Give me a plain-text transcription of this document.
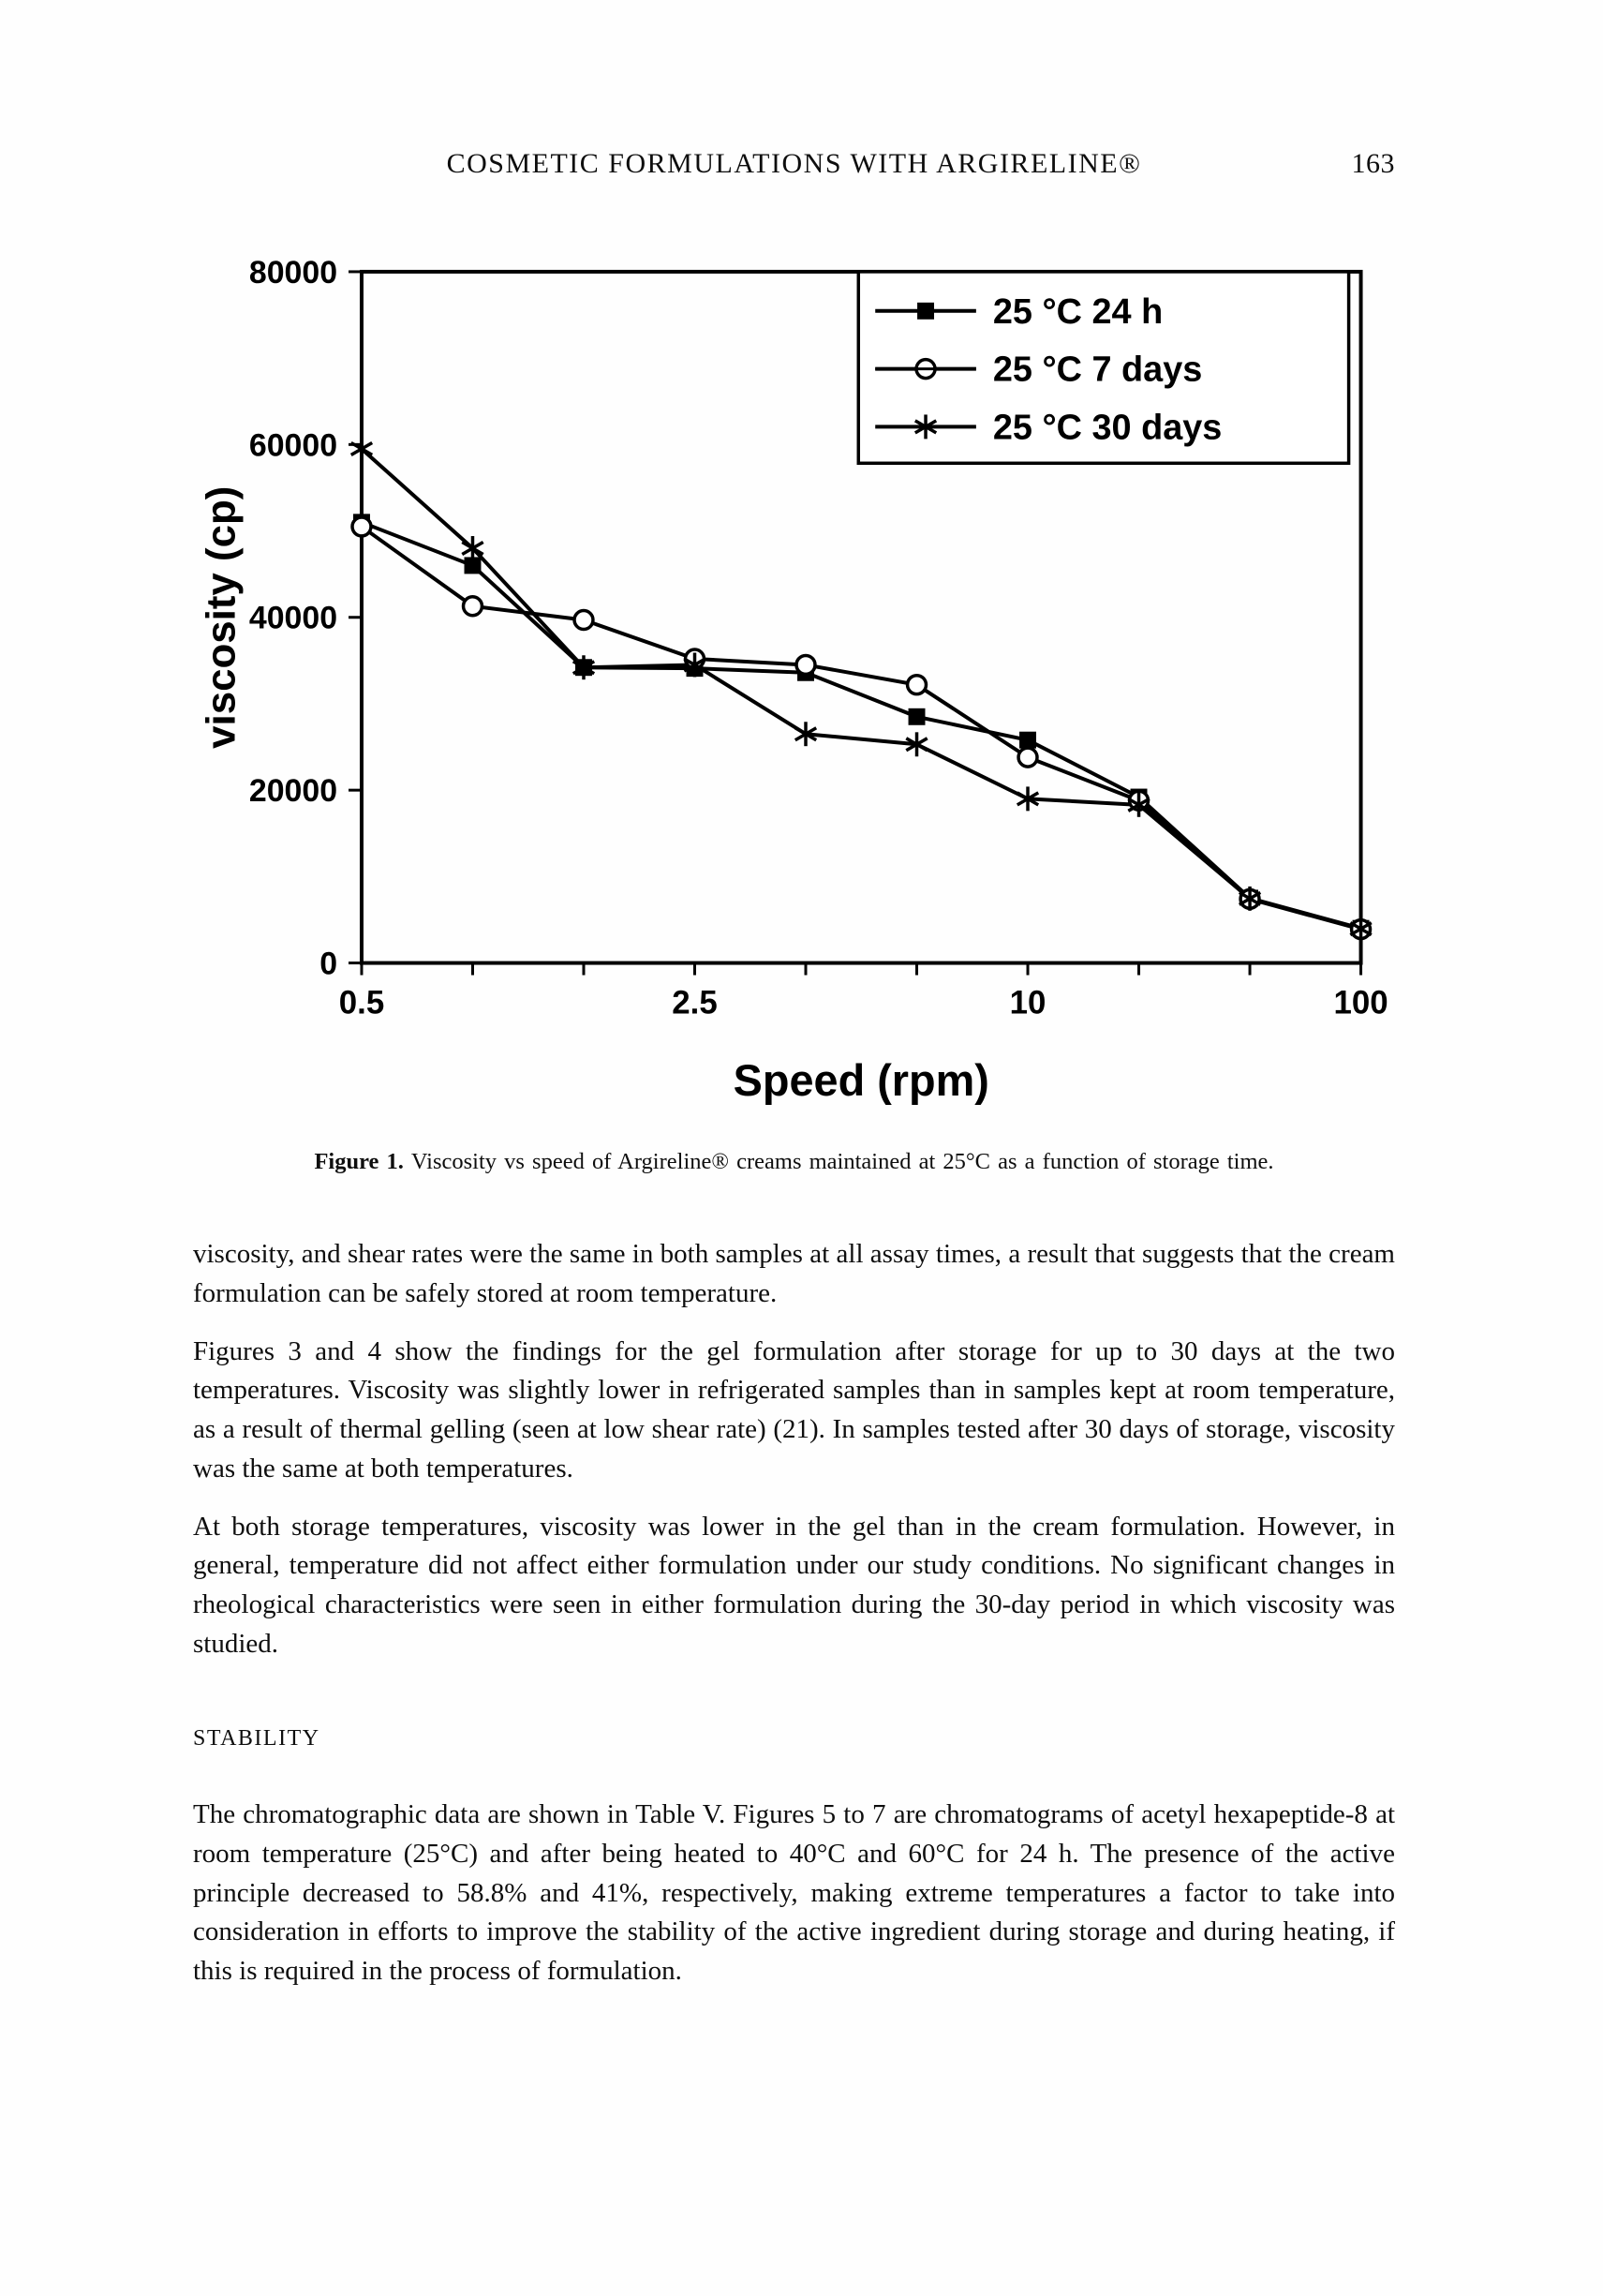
COSMETIC FORMULATIONS WITH ARGIRELINE®	163
0
20000
40000
60000
80000
0.5	2.5	10	100
viscosity (cp)
Speed (rpm)
25 °C 24 h
25 °C 7 days
25 °C 30 days
Figure 1. Viscosity vs speed of Argireline® creams maintained at 25°C as a function of storage time.

viscosity, and shear rates were the same in both samples at all assay times, a result that suggests that the cream formulation can be safely stored at room temperature.

Figures 3 and 4 show the findings for the gel formulation after storage for up to 30 days at the two temperatures. Viscosity was slightly lower in refrigerated samples than in samples kept at room temperature, as a result of thermal gelling (seen at low shear rate) (21). In samples tested after 30 days of storage, viscosity was the same at both temperatures.

At both storage temperatures, viscosity was lower in the gel than in the cream formulation. However, in general, temperature did not affect either formulation under our study conditions. No significant changes in rheological characteristics were seen in either formulation during the 30-day period in which viscosity was studied.

STABILITY

The chromatographic data are shown in Table V. Figures 5 to 7 are chromatograms of acetyl hexapeptide-8 at room temperature (25°C) and after being heated to 40°C and 60°C for 24 h. The presence of the active principle decreased to 58.8% and 41%, respectively, making extreme temperatures a factor to take into consideration in efforts to improve the stability of the active ingredient during storage and during heating, if this is required in the process of formulation.
